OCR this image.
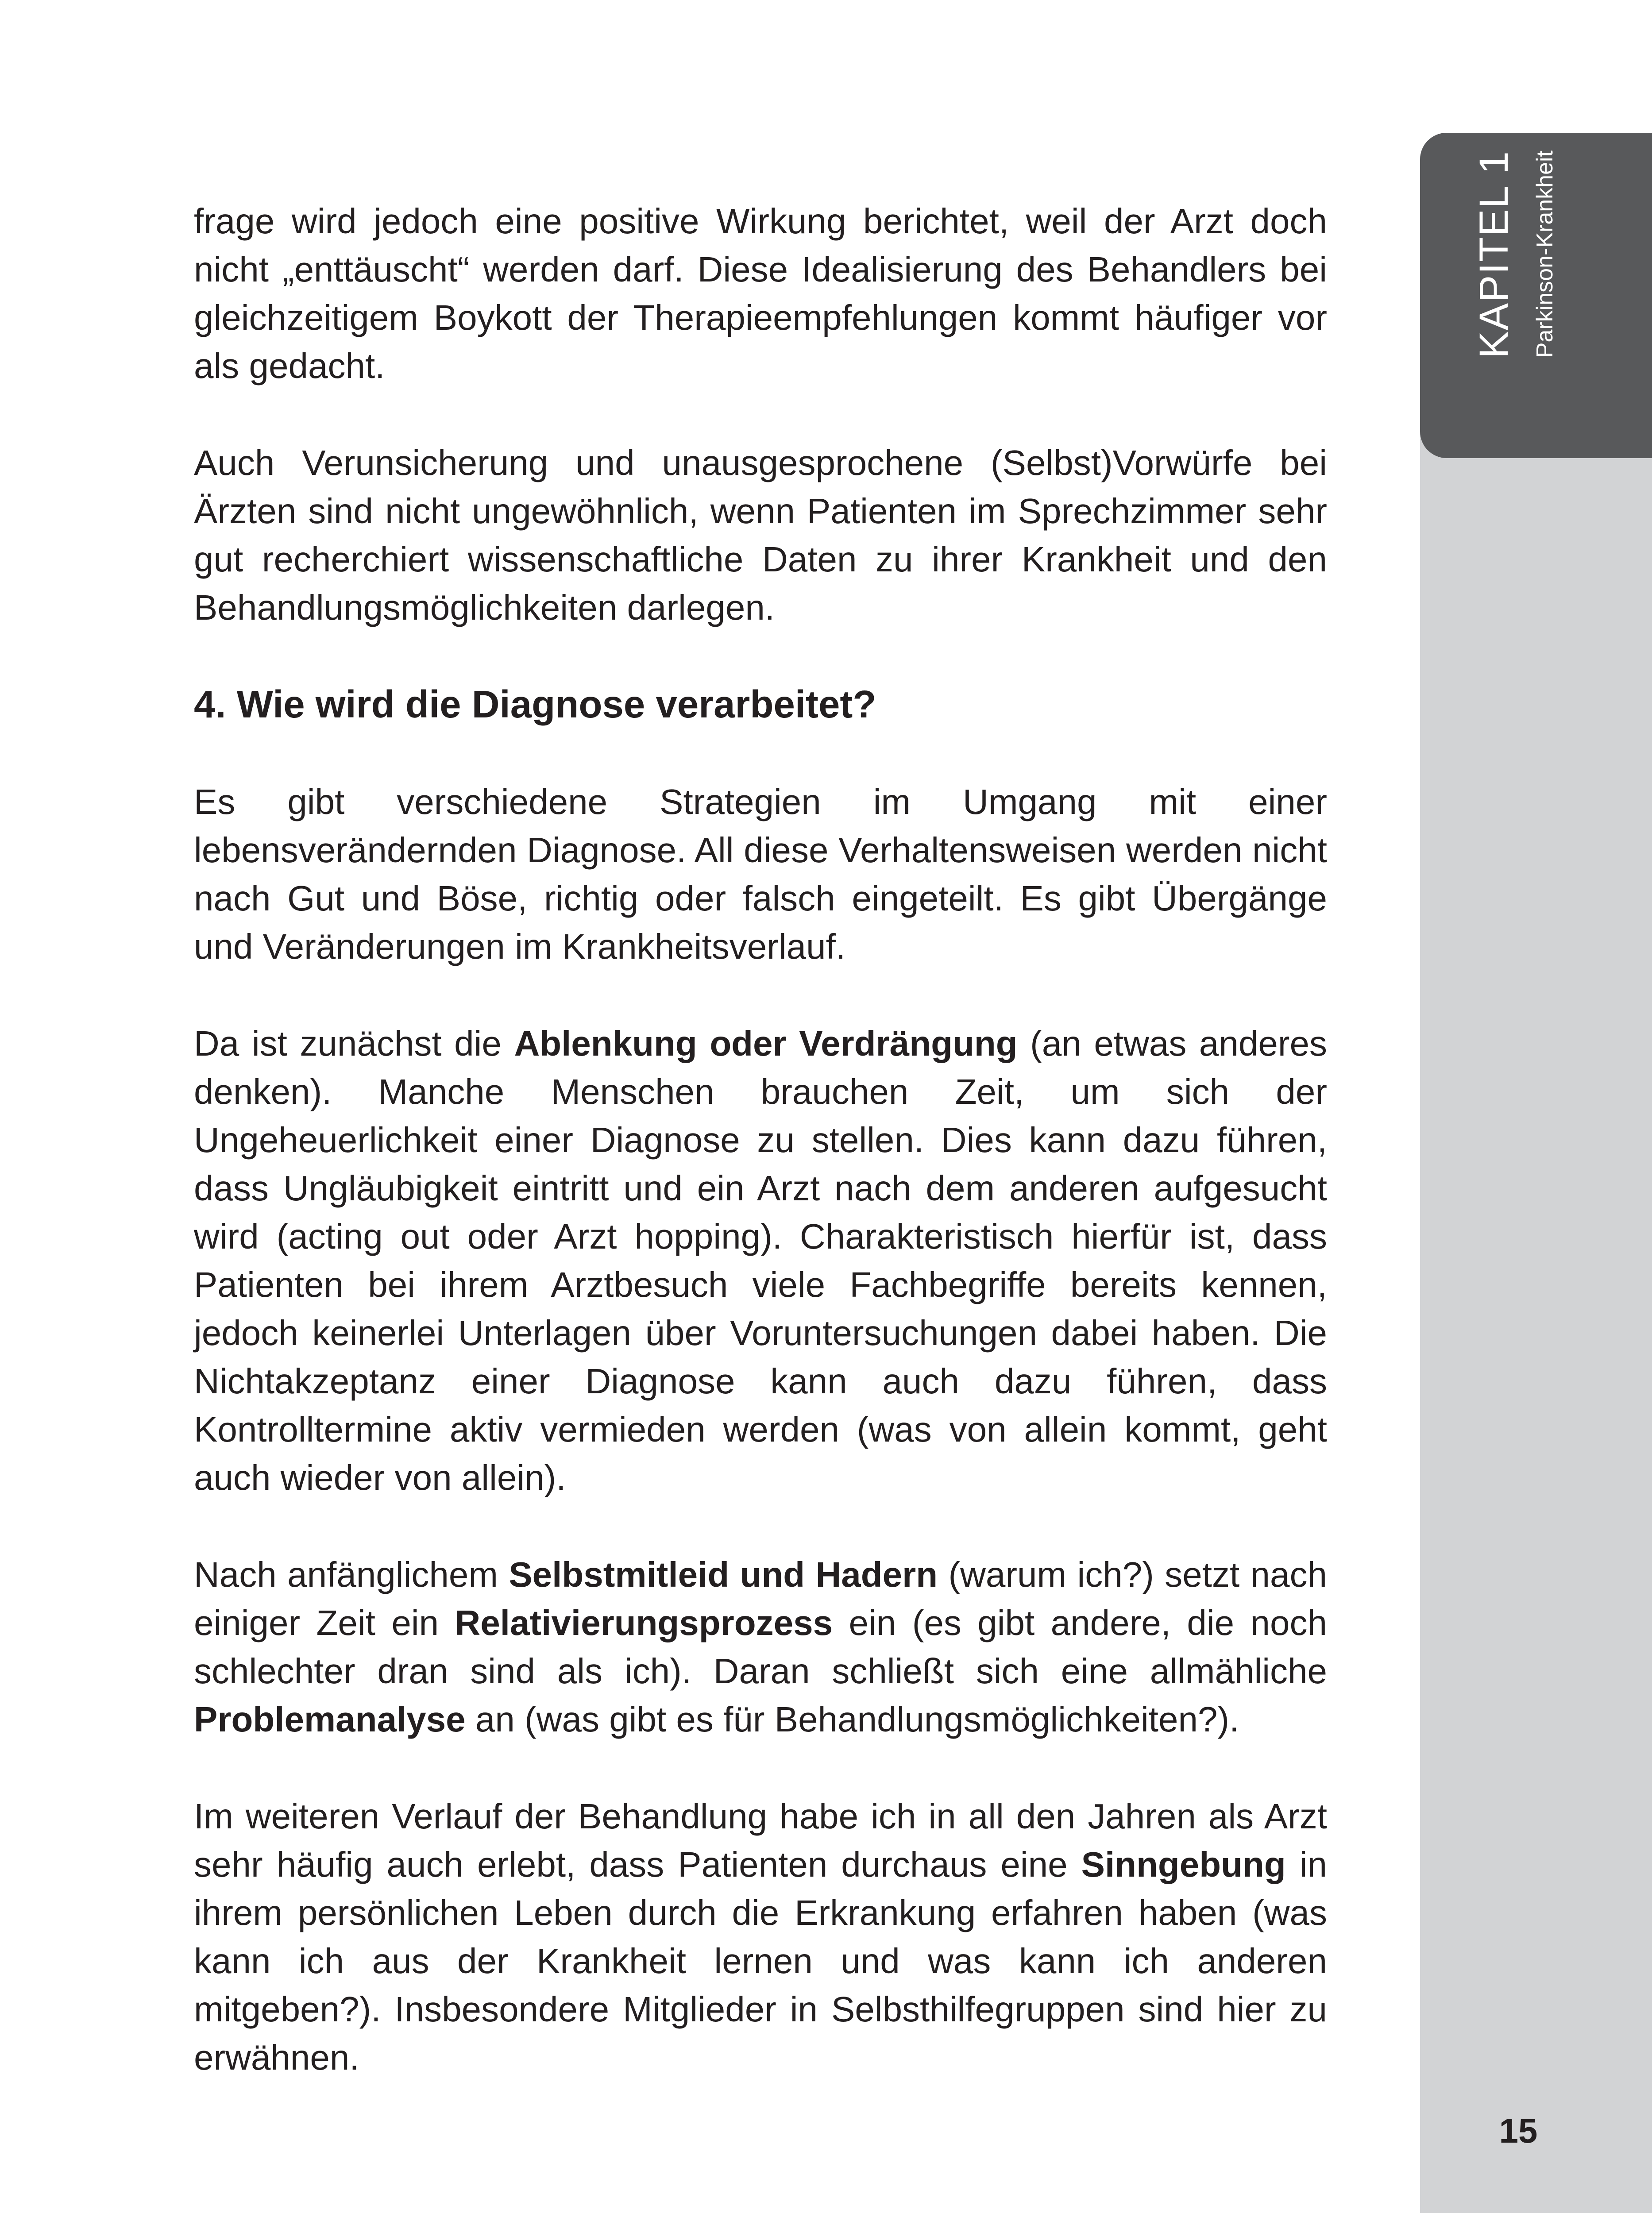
KAPITEL 1 Parkinson-Krankheit
15

frage wird jedoch eine positive Wirkung berichtet, weil der Arzt doch nicht „enttäuscht“ werden darf. Diese Idealisierung des Behandlers bei gleichzeitigem Boykott der Therapieempfehlungen kommt häufiger vor als gedacht.

Auch Verunsicherung und unausgesprochene (Selbst)Vorwürfe bei Ärzten sind nicht ungewöhnlich, wenn Patienten im Sprechzimmer sehr gut recherchiert wissenschaftliche Daten zu ihrer Krankheit und den Behandlungsmöglichkeiten darlegen.

4. Wie wird die Diagnose verarbeitet?

Es gibt verschiedene Strategien im Umgang mit einer lebensverändernden Diagnose. All diese Verhaltensweisen werden nicht nach Gut und Böse, richtig oder falsch eingeteilt. Es gibt Übergänge und Veränderungen im Krankheitsverlauf.

Da ist zunächst die Ablenkung oder Verdrängung (an etwas anderes denken). Manche Menschen brauchen Zeit, um sich der Ungeheuerlichkeit einer Diagnose zu stellen. Dies kann dazu führen, dass Ungläubigkeit eintritt und ein Arzt nach dem anderen aufgesucht wird (acting out oder Arzt hopping). Charakteristisch hierfür ist, dass Patienten bei ihrem Arztbesuch viele Fachbegriffe bereits kennen, jedoch keinerlei Unterlagen über Voruntersuchungen dabei haben. Die Nichtakzeptanz einer Diagnose kann auch dazu führen, dass Kontrolltermine aktiv vermieden werden (was von allein kommt, geht auch wieder von allein).

Nach anfänglichem Selbstmitleid und Hadern (warum ich?) setzt nach einiger Zeit ein Relativierungsprozess ein (es gibt andere, die noch schlechter dran sind als ich). Daran schließt sich eine allmähliche Problemanalyse an (was gibt es für Behandlungsmöglichkeiten?).

Im weiteren Verlauf der Behandlung habe ich in all den Jahren als Arzt sehr häufig auch erlebt, dass Patienten durchaus eine Sinngebung in ihrem persönlichen Leben durch die Erkrankung erfahren haben (was kann ich aus der Krankheit lernen und was kann ich anderen mitgeben?). Insbesondere Mitglieder in Selbsthilfegruppen sind hier zu erwähnen.
